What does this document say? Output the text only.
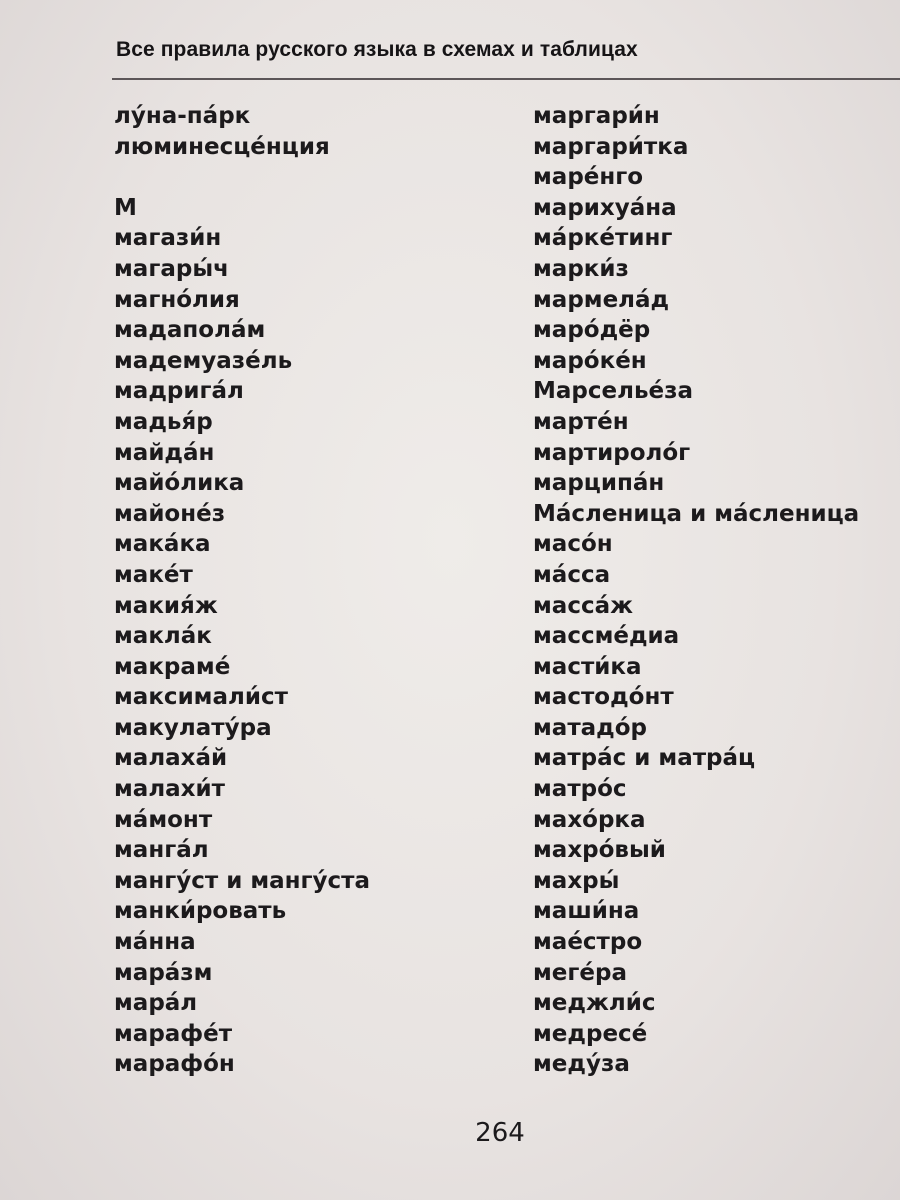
Все правила русского языка в схемах и таблицах
лу́на-па́рк
люминесце́нция
М
магази́н
магары́ч
магно́лия
мадапола́м
мадемуазе́ль
мадрига́л
мадья́р
майда́н
майо́лика
майоне́з
мака́ка
маке́т
макия́ж
макла́к
макраме́
максимали́ст
макулату́ра
малаха́й
малахи́т
ма́монт
манга́л
мангу́ст и мангу́ста
манки́ровать
ма́нна
мара́зм
мара́л
марафе́т
марафо́н
маргари́н
маргари́тка
маре́нго
марихуа́на
ма́рке́тинг
марки́з
мармела́д
маро́дёр
маро́ке́н
Марселье́за
марте́н
мартироло́г
марципа́н
Ма́сленица и ма́сленица
масо́н
ма́сса
масса́ж
массме́диа
масти́ка
мастодо́нт
матадо́р
матра́с и матра́ц
матро́с
махо́рка
махро́вый
махры́
маши́на
мае́стро
меге́ра
меджли́с
медресе́
меду́за
264
